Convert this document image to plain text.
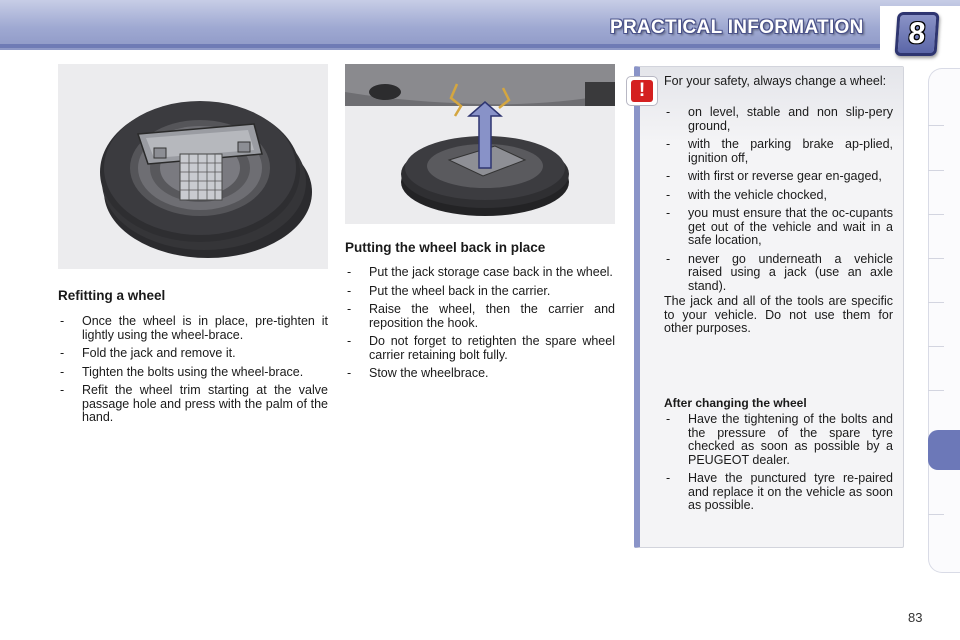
PRACTICAL INFORMATION	8
Refitting a wheel
- Once the wheel is in place, pre-tighten it lightly using the wheel-brace.
- Fold the jack and remove it.
- Tighten the bolts using the wheel-brace.
- Refit the wheel trim starting at the valve passage hole and press with the palm of the hand.
Putting the wheel back in place
- Put the jack storage case back in the wheel.
- Put the wheel back in the carrier.
- Raise the wheel, then the carrier and reposition the hook.
- Do not forget to retighten the spare wheel carrier retaining bolt fully.
- Stow the wheelbrace.
!	For your safety, always change a wheel:
- on level, stable and non slip-pery ground,
- with the parking brake ap-plied, ignition off,
- with first or reverse gear en-gaged,
- with the vehicle chocked,
- you must ensure that the oc-cupants get out of the vehicle and wait in a safe location,
- never go underneath a vehicle raised using a jack (use an axle stand).
The jack and all of the tools are specific to your vehicle. Do not use them for other purposes.
After changing the wheel
- Have the tightening of the bolts and the pressure of the spare tyre checked as soon as possible by a PEUGEOT dealer.
- Have the punctured tyre re-paired and replace it on the vehicle as soon as possible.
83
